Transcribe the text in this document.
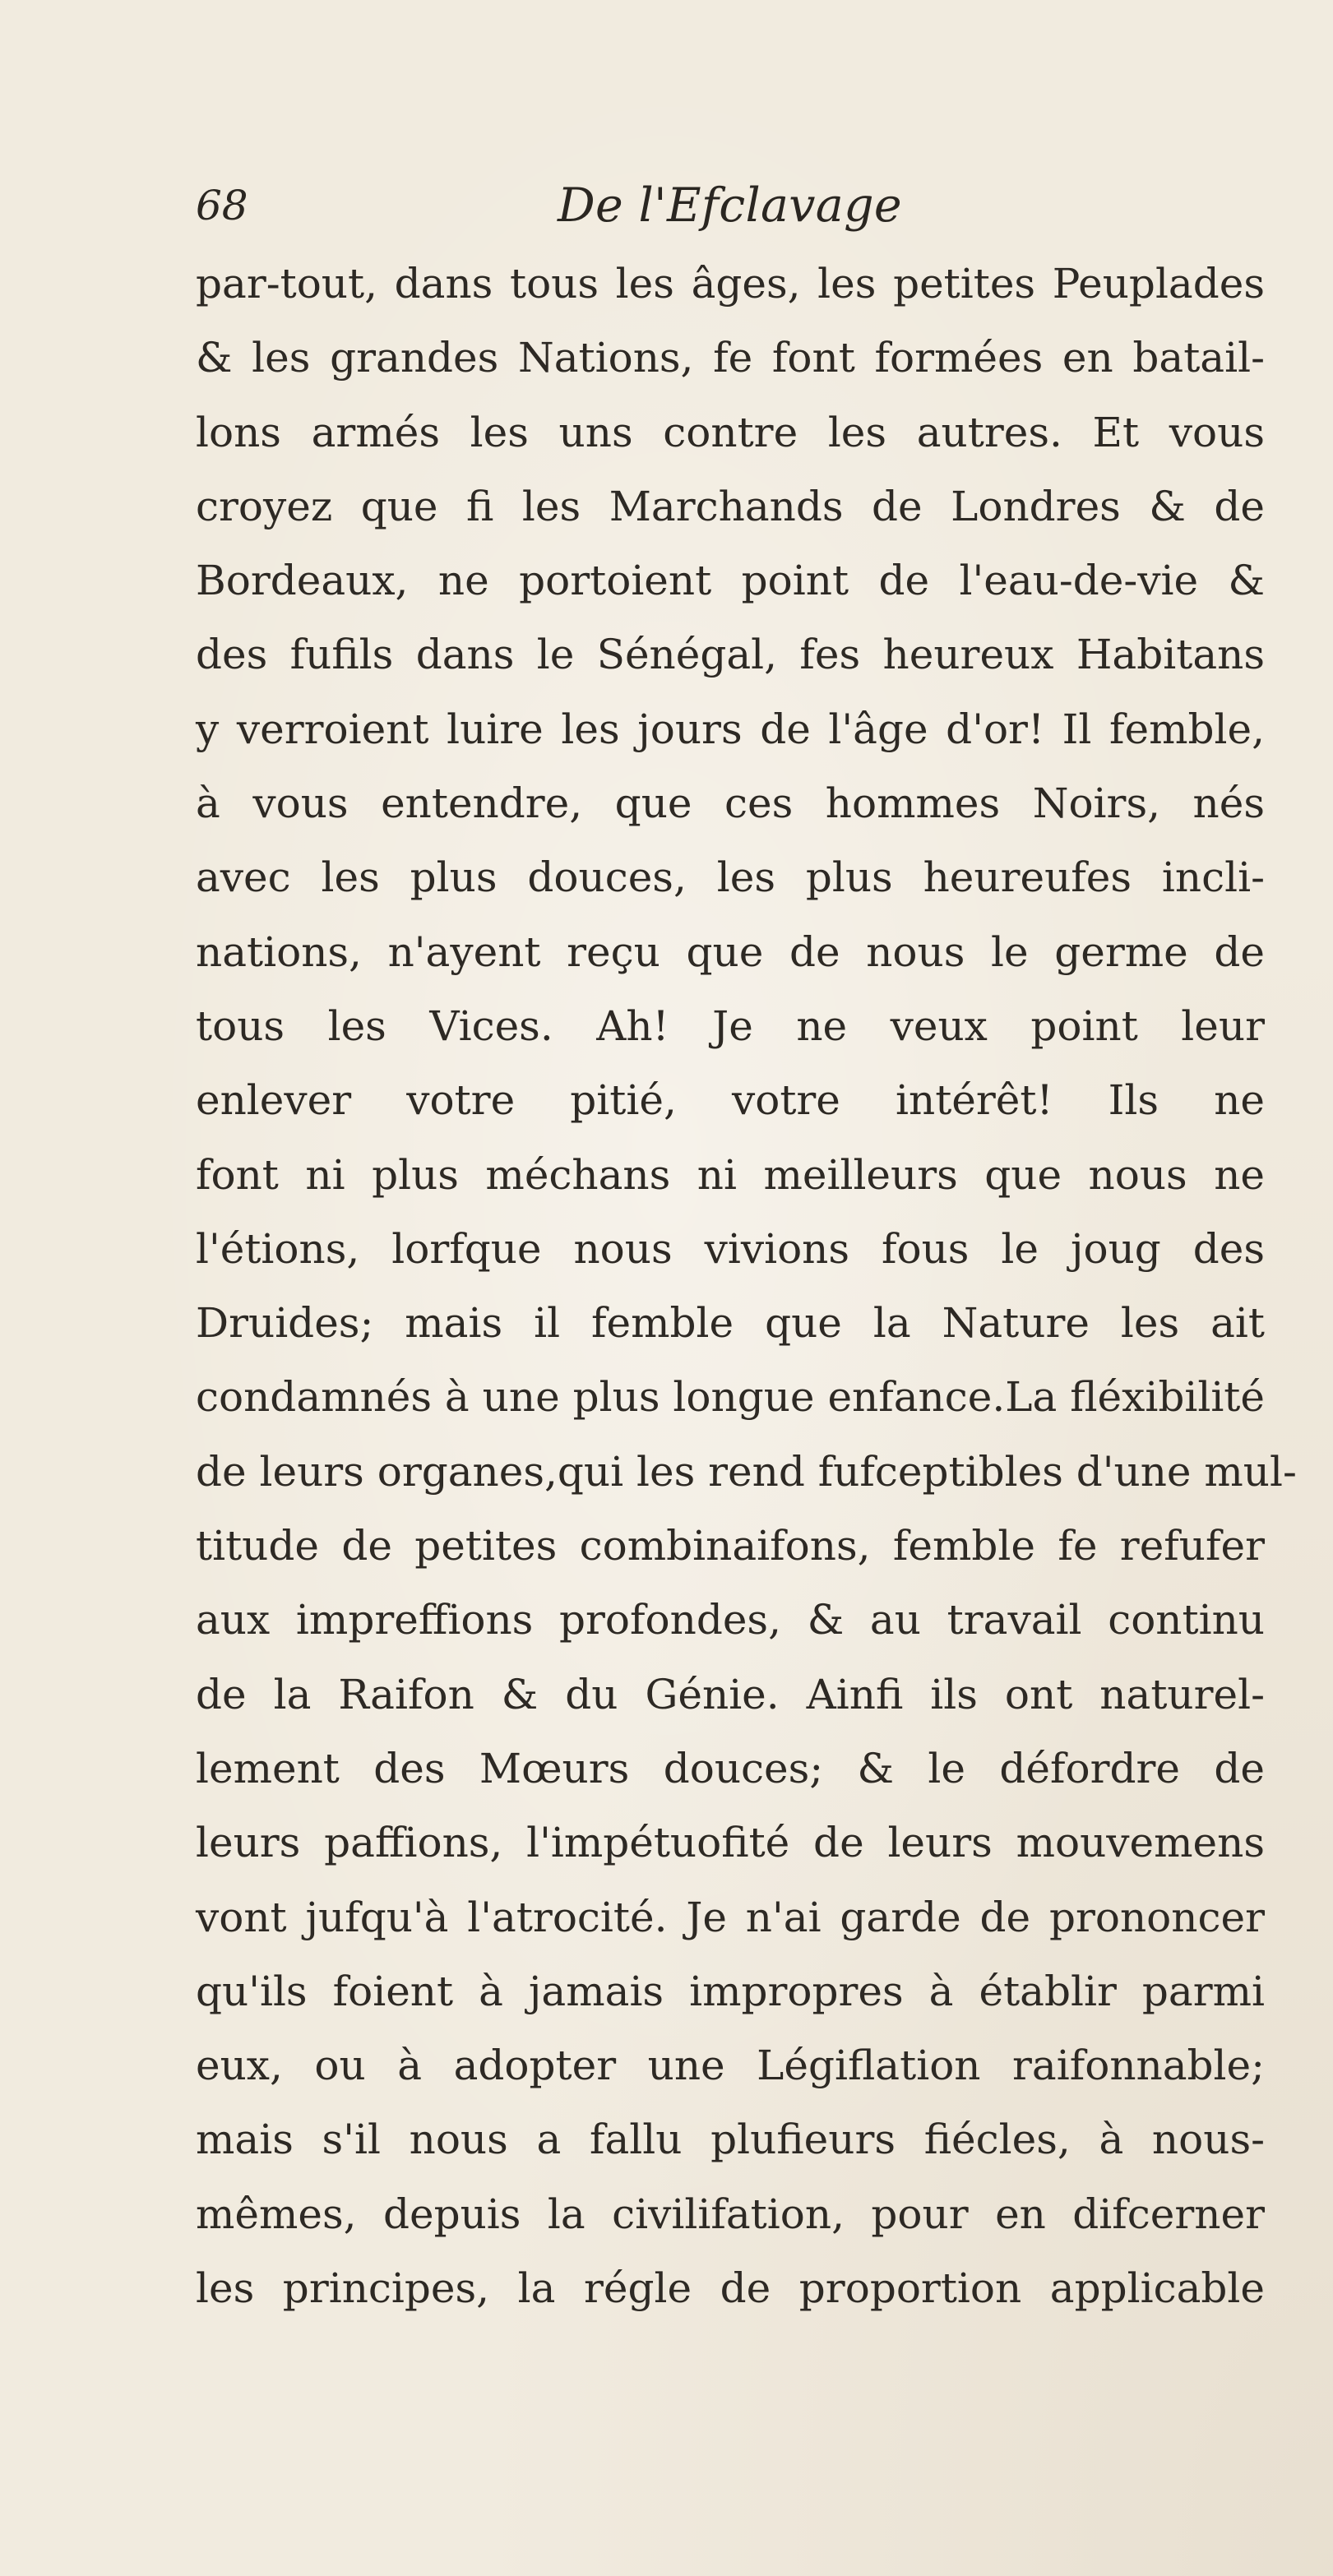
68	De l'Efclavage
par-tout, dans tous les âges, les petites Peuplades
& les grandes Nations, fe font formées en batail-
lons armés les uns contre les autres. Et vous
croyez que fi les Marchands de Londres & de
Bordeaux, ne portoient point de l'eau-de-vie &
des fufils dans le Sénégal, fes heureux Habitans
y verroient luire les jours de l'âge d'or! Il femble,
à vous entendre, que ces hommes Noirs, nés
avec les plus douces, les plus heureufes incli-
nations, n'ayent reçu que de nous le germe de
tous les Vices. Ah! Je ne veux point leur
enlever votre pitié, votre intérêt! Ils ne
font ni plus méchans ni meilleurs que nous ne
l'étions, lorfque nous vivions fous le joug des
Druides; mais il femble que la Nature les ait
condamnés à une plus longue enfance.La fléxibilité
de leurs organes,qui les rend fufceptibles d'une mul-
titude de petites combinaifons, femble fe refufer
aux impreffions profondes, & au travail continu
de la Raifon & du Génie. Ainfi ils ont naturel-
lement des Mœurs douces; & le défordre de
leurs paffions, l'impétuofité de leurs mouvemens
vont jufqu'à l'atrocité. Je n'ai garde de prononcer
qu'ils foient à jamais impropres à établir parmi
eux, ou à adopter une Légiflation raifonnable;
mais s'il nous a fallu plufieurs fiécles, à nous-
mêmes, depuis la civilifation, pour en difcerner
les principes, la régle de proportion applicable
